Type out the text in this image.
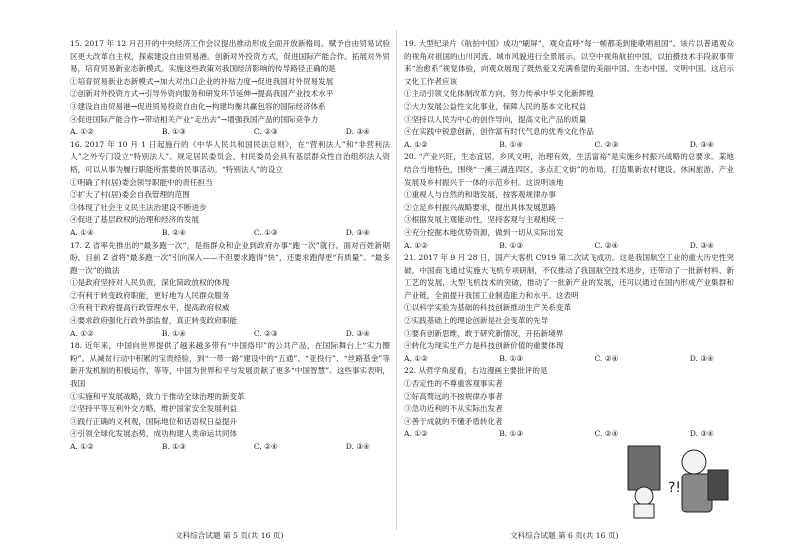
15. 2017 年 12 月召开的中央经济工作会议提出推动形成全面开放新格局。赋予自由贸易试验区更大改革自主权，探索建设自由贸易港。创新对外投资方式，促进国际产能合作。拓展对外贸易，培育贸易新业态新模式。实施这些政策对我国经济影响的传导路径正确的是
①培育贸易新业态新模式→加大对出口企业的补贴力度→促进我国对外贸易发展
②创新对外投资方式→引导外资向服务和研发环节延伸→提高我国产业技术水平
③建设自由贸易港→促进贸易投资自由化→构建均衡共赢包容的国际经济体系
④促进国际产能合作→带动相关产业“走出去”→增强我国产品的国际竞争力
A. ①②	B. ①③	C. ②③	D. ③④
16. 2017 年 10 月 1 日起施行的《中华人民共和国民法总则》，在“营利法人”和“非营利法人”之外专门设立“特别法人”。规定居民委员会、村民委员会具有基层群众性自治组织法人资格，可以从事为履行职能所需要的民事活动。“特别法人”的设立
①明确了村(居)委会领导职能中的责任担当
②扩大了村(居)委会自我管理的范围
③体现了社会主义民主法治建设不断进步
④促进了基层政权的治理和经济的发展
A. ①④	B. ②④	C. ①③	D. ③④
17. Z 省率先推出的“最多跑一次”，是指群众和企业到政府办事“跑一次”就行。面对百姓新期盼，目前 Z 省将“最多跑一次”引向深入——不但要求跑得“快”，还要求跑得更“有质量”。“最多跑一次”的做法
①是政府坚持对人民负责，深化简政放权的体现
②有利于转变政府职能，更好地为人民群众服务
③有利于政府提高行政管理水平，提高政府权威
④要求政府强化行政外部监督，真正转变政府职能
A. ①②	B. ①④	C. ②③	D. ③④
18. 近年来，中国向世界提供了越来越多带有“中国烙印”的公共产品，在国际舞台上“实力圈粉”。从减贫行动中积累的宝贵经验，到“一带一路”建设中的“五通”、“亚投行”、“丝路基金”等新开发机制的积极运作，等等，中国为世界和平与发展贡献了更多“中国智慧”。这些事实表明，我国
①实施和平发展战略，致力于推动全球治理的新变革
②坚持平等互利外交方略，维护国家安全发展利益
③践行正确的义利观，国际地位和话语权日益提升
④引领全球化发展态势，成功构建人类命运共同体
A. ①②	B. ①③	C. ②④	D. ③④
19. 大型纪录片《航拍中国》成功“刷屏”，观众直呼“每一帧都美到能歌唱祖国”。该片以普通观众的视角对祖国的山川河流、城市风貌进行全景展示，以空中视角航拍中国，以拍摄技术手段叙事带来“治愈系”视觉体验，向观众展现了既热爱又充满希望的美丽中国、生态中国、文明中国。这启示文化工作者应该
①主动引领文化体制改革方向，努力传承中华文化新辉煌
②大力发展公益性文化事业，保障人民的基本文化权益
③坚持以人民为中心的创作导向，提高文化产品的质量
④在实践中锐意创新，创作富有时代气息的优秀文化作品
A. ①②	B. ①④	C. ②③	D. ③④
20. “产业兴旺，生态宜居，乡风文明，治理有效，生活富裕”是实施乡村振兴战略的总要求。某地结合当地特色，围绕“一溪三湖连四区，多点汇文街”的布局，打造集新农村建设、休闲旅游、产业发展及乡村振兴于一体的示范乡村。这说明该地
①重视人与自然的和谐发展，按客观规律办事
②立足乡村振兴战略要求，提出具体发展思路
③根据发展主观能动性，坚持客观与主观相统一
④充分挖掘本地优势资源，做到一切从实际出发
A. ①②	B. ①③	C. ②④	D. ③④
21. 2017 年 9 月 28 日，国产大客机 C919 第二次试飞成功。这是我国航空工业的重大历史性突破。中国商飞通过实施大飞机专项研制，不仅推动了我国航空技术进步，还带动了一批新材料、新工艺的发展，大型飞机技术的突破，推动了一批新产业的发展，还可以通过在国内形成产业集群和产业链，全面提升我国工业制造能力和水平。这表明
①以科学实验为基础的科技创新推动生产关系变革
②实践基础上的理论创新是社会变革的先导
③要有创新思维，敢于研究新情况，开拓新境界
④转化为现实生产力是科技创新价值的重要体现
A. ①②	B. ①③	C. ②④	D. ③④
22. 从哲学角度看，右边漫画主要批评的是
①否定性的不尊重客观事实者
②好高骛远的不按规律办事者
③急功近利的不从实际出发者
④善于成就的不懂矛盾转化者
A. ①②	B. ①③	C. ②④	D. ③④
?!
文科综合试题 第 5 页(共 16 页)	文科综合试题 第 6 页(共 16 页)
